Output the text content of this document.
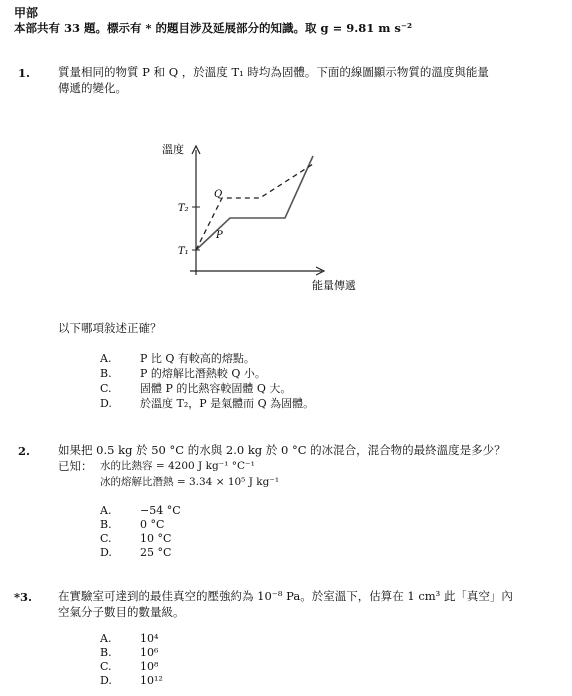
甲部
本部共有 33 題。標示有 * 的題目涉及延展部分的知識。取 g = 9.81 m s⁻²
1. 質量相同的物質 P 和 Q ，於溫度 T₁ 時均為固體。下面的線圖顯示物質的溫度與能量
傳遞的變化。
溫度
能量傳遞
T₂
T₁
P
Q
以下哪項敍述正確？
A.	P 比 Q 有較高的熔點。
B.	P 的熔解比潛熱較 Q 小。
C.	固體 P 的比熱容較固體 Q 大。
D.	於溫度 T₂，P 是氣體而 Q 為固體。
2. 如果把 0.5 kg 於 50 °C 的水與 2.0 kg 於 0 °C 的冰混合，混合物的最終溫度是多少？
已知： 水的比熱容 = 4200 J kg⁻¹ °C⁻¹
冰的熔解比潛熱 = 3.34 × 10⁵ J kg⁻¹
A.	−54 °C
B.	0 °C
C.	10 °C
D.	25 °C
*3. 在實驗室可達到的最佳真空的壓強約為 10⁻⁸ Pa。於室溫下，估算在 1 cm³ 此「真空」內
空氣分子數目的數量級。
A.	10⁴
B.	10⁶
C.	10⁸
D.	10¹²
